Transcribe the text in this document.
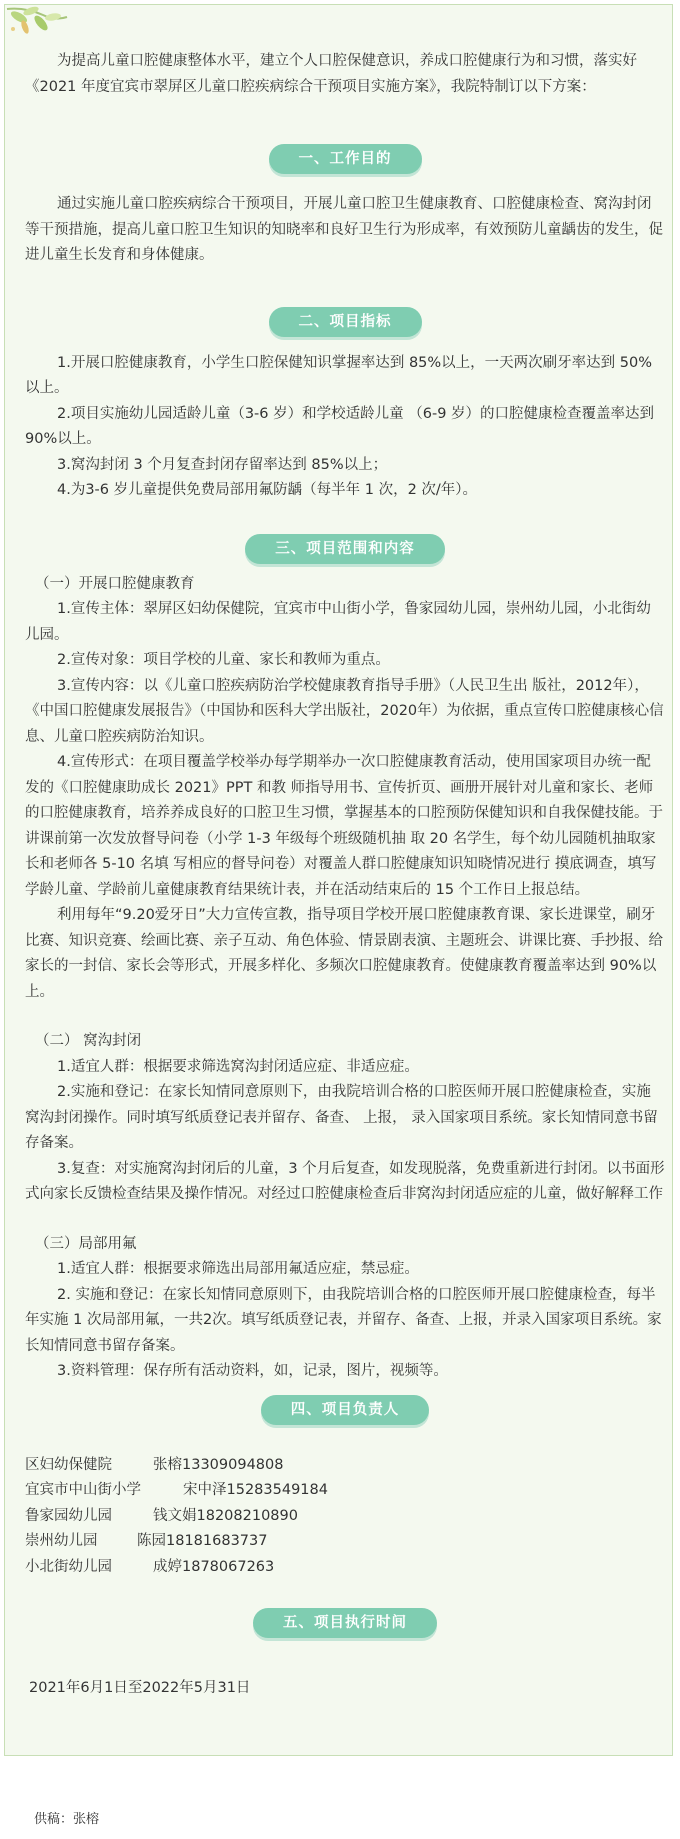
为提高儿童口腔健康整体水平，建立个人口腔保健意识，养成口腔健康行为和习惯，落实好《2021 年度宜宾市翠屏区儿童口腔疾病综合干预项目实施方案》，我院特制订以下方案：

一、工作目的

通过实施儿童口腔疾病综合干预项目，开展儿童口腔卫生健康教育、口腔健康检查、窝沟封闭等干预措施，提高儿童口腔卫生知识的知晓率和良好卫生行为形成率，有效预防儿童龋齿的发生，促进儿童生长发育和身体健康。

二、项目指标

1.开展口腔健康教育，小学生口腔保健知识掌握率达到 85%以上，一天两次刷牙率达到 50%以上。

2.项目实施幼儿园适龄儿童（3-6 岁）和学校适龄儿童 （6-9 岁）的口腔健康检查覆盖率达到 90%以上。

3.窝沟封闭 3 个月复查封闭存留率达到 85%以上；

4.为3-6 岁儿童提供免费局部用氟防龋（每半年 1 次，2 次/年）。

三、项目范围和内容

（一）开展口腔健康教育

1.宣传主体：翠屏区妇幼保健院，宜宾市中山街小学，鲁家园幼儿园，崇州幼儿园，小北街幼儿园。

2.宣传对象：项目学校的儿童、家长和教师为重点。

3.宣传内容：以《儿童口腔疾病防治学校健康教育指导手册》（人民卫生出 版社，2012年），《中国口腔健康发展报告》（中国协和医科大学出版社，2020年）为依据，重点宣传口腔健康核心信息、儿童口腔疾病防治知识。

4.宣传形式：在项目覆盖学校举办每学期举办一次口腔健康教育活动，使用国家项目办统一配发的《口腔健康助成长 2021》PPT 和教 师指导用书、宣传折页、画册开展针对儿童和家长、老师的口腔健康教育，培养养成良好的口腔卫生习惯，掌握基本的口腔预防保健知识和自我保健技能。于讲课前第一次发放督导问卷（小学 1-3 年级每个班级随机抽 取 20 名学生，每个幼儿园随机抽取家长和老师各 5-10 名填 写相应的督导问卷）对覆盖人群口腔健康知识知晓情况进行 摸底调查，填写学龄儿童、学龄前儿童健康教育结果统计表，并在活动结束后的 15 个工作日上报总结。

利用每年“9.20爱牙日”大力宣传宣教，指导项目学校开展口腔健康教育课、家长进课堂，刷牙比赛、知识竞赛、绘画比赛、亲子互动、角色体验、情景剧表演、主题班会、讲课比赛、手抄报、给家长的一封信、家长会等形式，开展多样化、多频次口腔健康教育。使健康教育覆盖率达到 90%以上。

（二） 窝沟封闭

1.适宜人群：根据要求筛选窝沟封闭适应症、非适应症。

2.实施和登记：在家长知情同意原则下，由我院培训合格的口腔医师开展口腔健康检查，实施窝沟封闭操作。同时填写纸质登记表并留存、备查、 上报， 录入国家项目系统。家长知情同意书留存备案。

3.复查：对实施窝沟封闭后的儿童，3 个月后复查，如发现脱落，免费重新进行封闭。以书面形式向家长反馈检查结果及操作情况。对经过口腔健康检查后非窝沟封闭适应症的儿童，做好解释工作

（三）局部用氟

1.适宜人群：根据要求筛选出局部用氟适应症，禁忌症。

2. 实施和登记：在家长知情同意原则下，由我院培训合格的口腔医师开展口腔健康检查，每半年实施 1 次局部用氟，一共2次。填写纸质登记表，并留存、备查、上报，并录入国家项目系统。家长知情同意书留存备案。

3.资料管理：保存所有活动资料，如，记录，图片，视频等。

四、项目负责人
区妇幼保健院	张榕13309094808
宜宾市中山街小学	宋中泽15283549184
鲁家园幼儿园	钱文娟18208210890
崇州幼儿园	陈园18181683737
小北街幼儿园	成婷1878067263
五、项目执行时间

2021年6月1日至2022年5月31日

供稿：张榕
